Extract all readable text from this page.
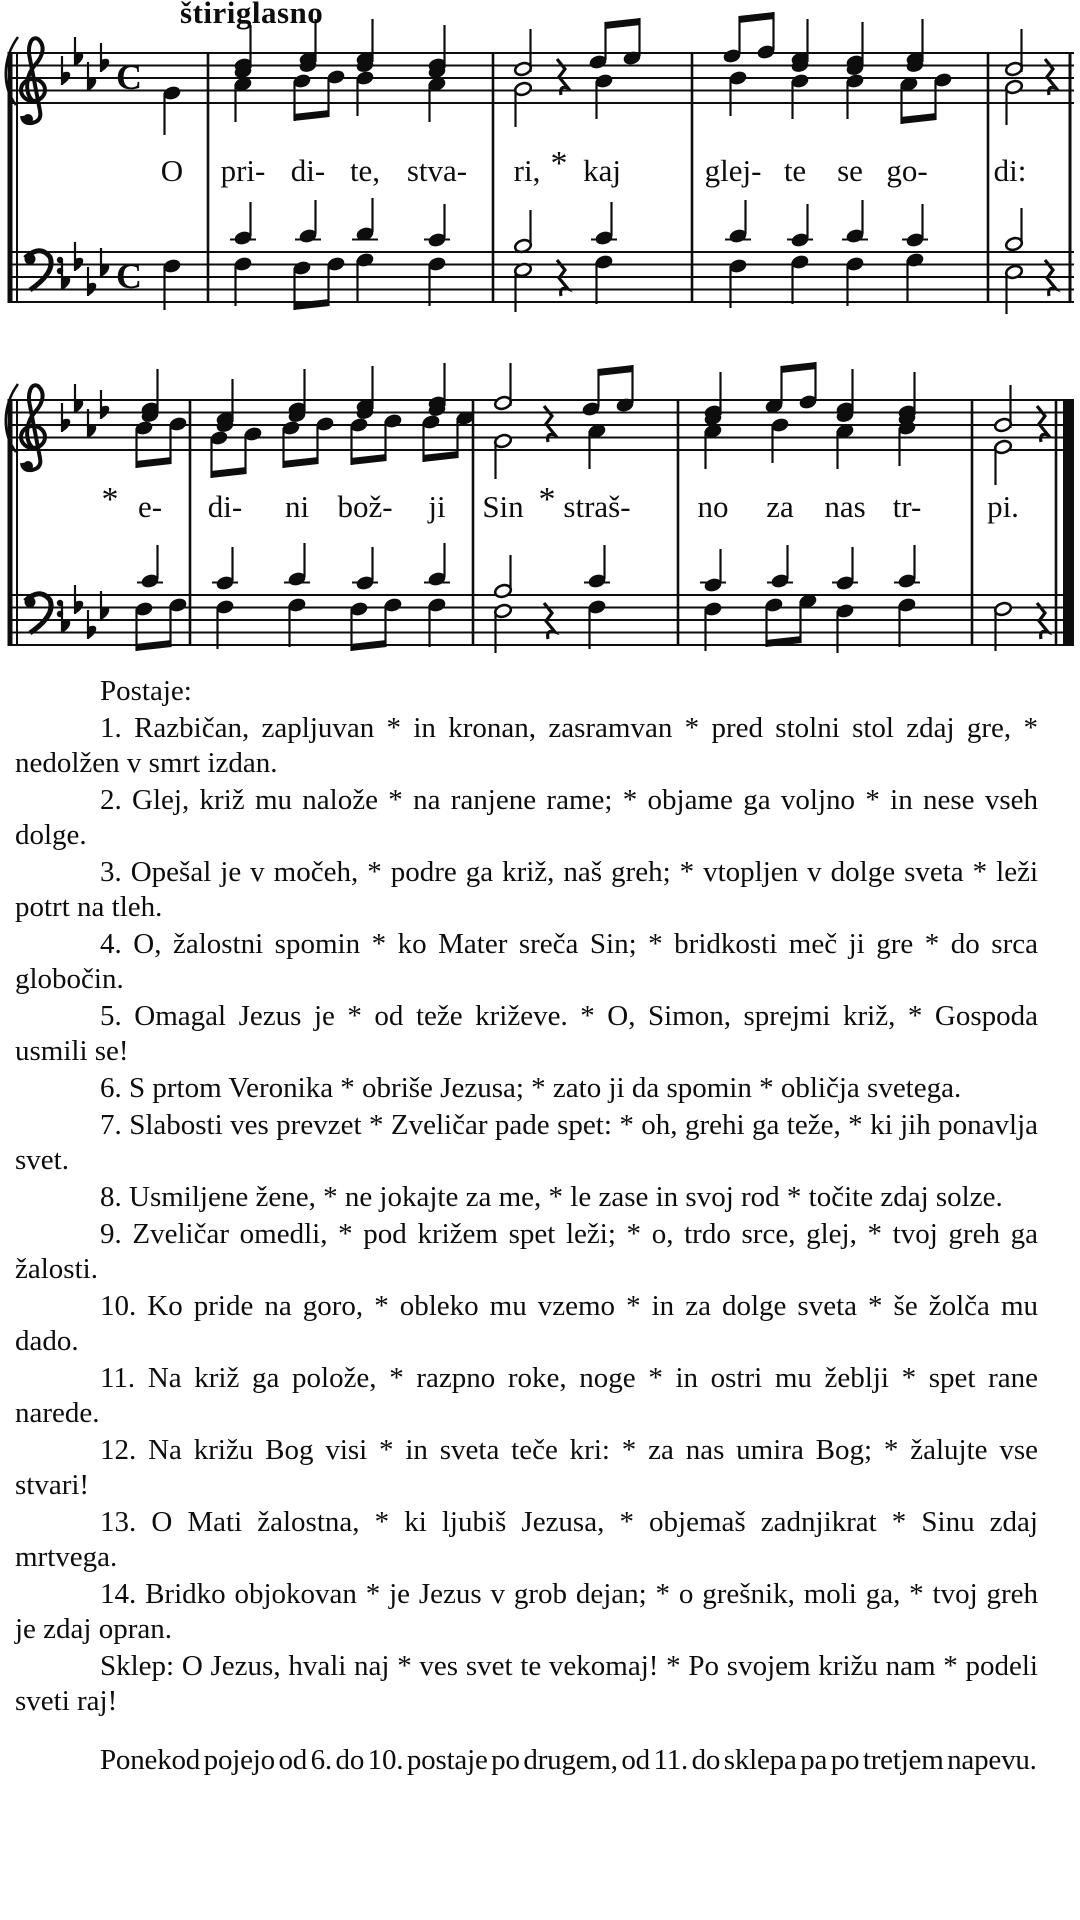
štiriglasno
C
C
O pri- di- te, stva- ri, * kaj	glej- te se go- di:
* e- di- ni bož- ji Sin * straš- no za nas tr- pi.

Postaje:

1. Razbičan, zapljuvan * in kronan, zasramvan * pred stolni stol zdaj gre, * nedolžen v smrt izdan.

2. Glej, križ mu nalože * na ranjene rame; * objame ga voljno * in nese vseh dolge.

3. Opešal je v močeh, * podre ga križ, naš greh; * vtopljen v dolge sveta * leži potrt na tleh.

4. O, žalostni spomin * ko Mater sreča Sin; * bridkosti meč ji gre * do srca globočin.

5. Omagal Jezus je * od teže križeve. * O, Simon, sprejmi križ, * Gospoda usmili se!

6. S prtom Veronika * obriše Jezusa; * zato ji da spomin * obličja svetega.

7. Slabosti ves prevzet * Zveličar pade spet: * oh, grehi ga teže, * ki jih ponavlja svet.

8. Usmiljene žene, * ne jokajte za me, * le zase in svoj rod * točite zdaj solze.

9. Zveličar omedli, * pod križem spet leži; * o, trdo srce, glej, * tvoj greh ga žalosti.

10. Ko pride na goro, * obleko mu vzemo * in za dolge sveta * še žolča mu dado.

11. Na križ ga polože, * razpno roke, noge * in ostri mu žeblji * spet rane narede.

12. Na križu Bog visi * in sveta teče kri: * za nas umira Bog; * žalujte vse stvari!

13. O Mati žalostna, * ki ljubiš Jezusa, * objemaš zadnjikrat * Sinu zdaj mrtvega.

14. Bridko objokovan * je Jezus v grob dejan; * o grešnik, moli ga, * tvoj greh je zdaj opran.

Sklep: O Jezus, hvali naj * ves svet te vekomaj! * Po svojem križu nam * podeli sveti raj!

Ponekod pojejo od 6. do 10. postaje po drugem, od 11. do sklepa pa po tretjem napevu.
